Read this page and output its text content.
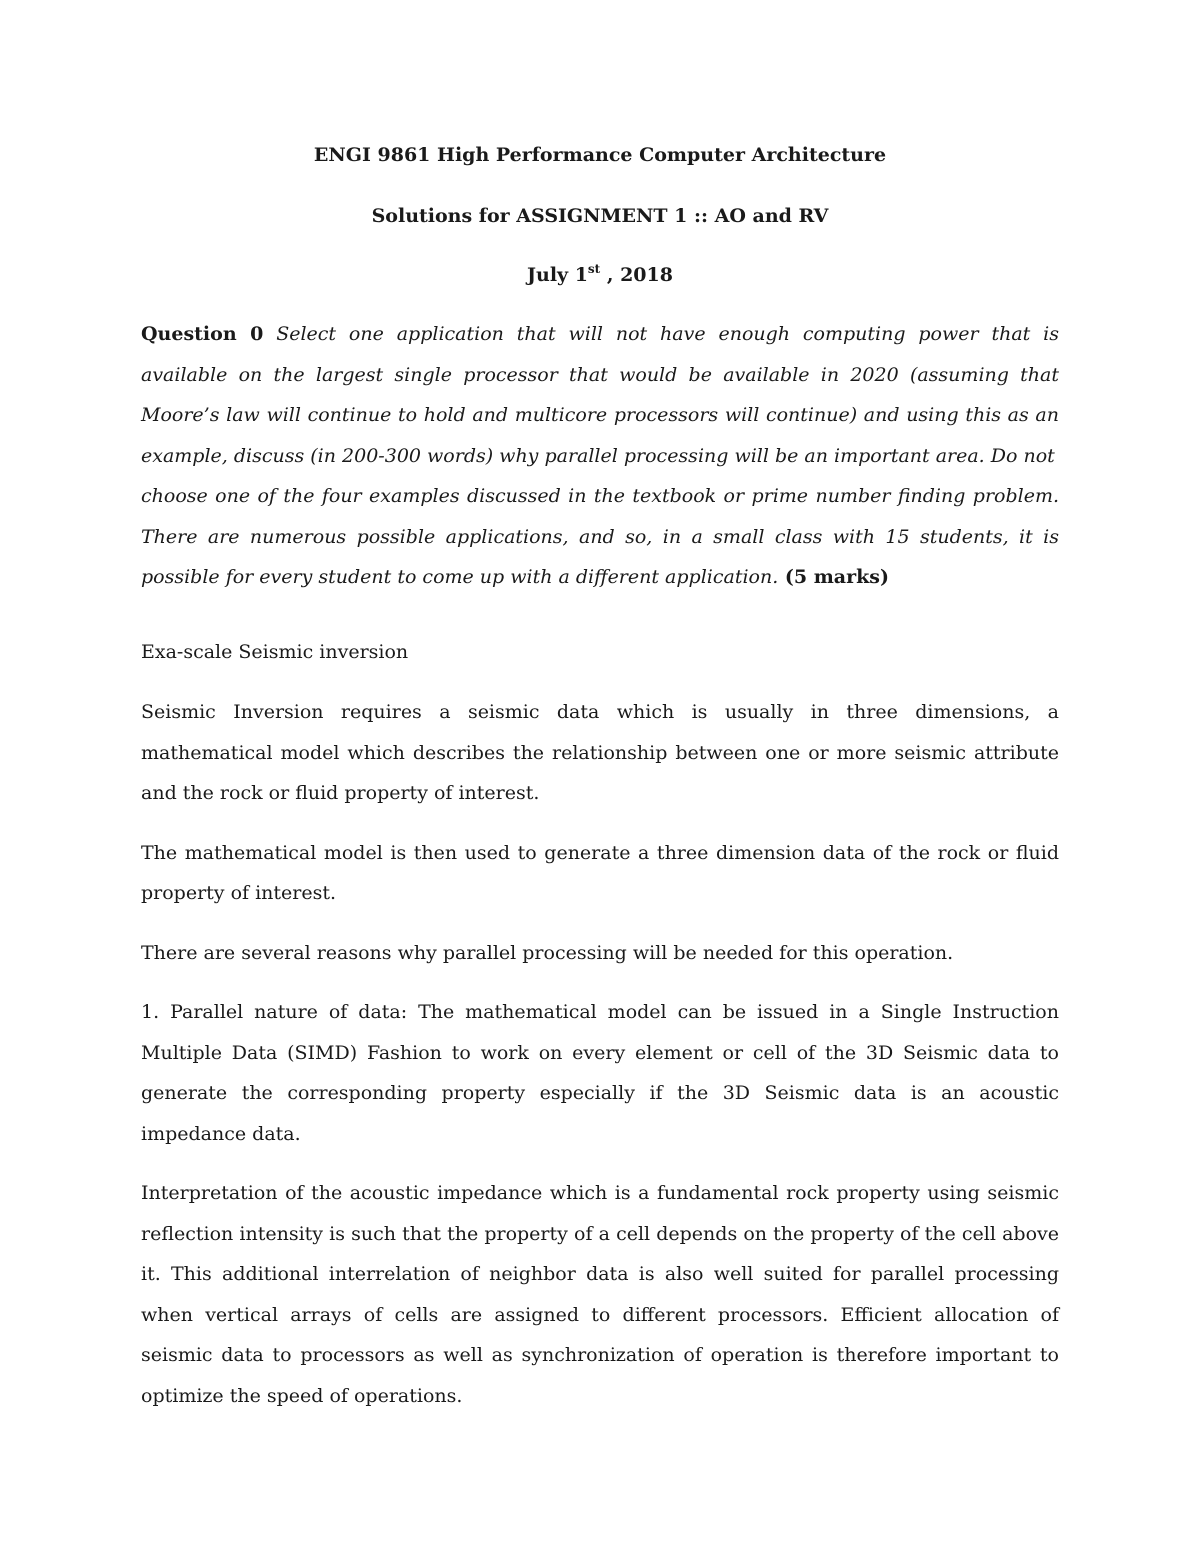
ENGI 9861 High Performance Computer Architecture

Solutions for ASSIGNMENT 1 :: AO and RV

July 1st , 2018

Question 0 Select one application that will not have enough computing power that is available on the largest single processor that would be available in 2020 (assuming that Moore’s law will continue to hold and multicore processors will continue) and using this as an example, discuss (in 200-300 words) why parallel processing will be an important area. Do not
choose one of the four examples discussed in the textbook or prime number finding problem. There are numerous possible applications, and so, in a small class with 15 students, it is possible for every student to come up with a different application. (5 marks)

Exa-scale Seismic inversion

Seismic Inversion requires a seismic data which is usually in three dimensions, a mathematical model which describes the relationship between one or more seismic attribute and the rock or fluid property of interest.

The mathematical model is then used to generate a three dimension data of the rock or fluid property of interest.

There are several reasons why parallel processing will be needed for this operation.

1. Parallel nature of data: The mathematical model can be issued in a Single Instruction Multiple Data (SIMD) Fashion to work on every element or cell of the 3D Seismic data to generate the corresponding property especially if the 3D Seismic data is an acoustic impedance data.

Interpretation of the acoustic impedance which is a fundamental rock property using seismic reflection intensity is such that the property of a cell depends on the property of the cell above it. This additional interrelation of neighbor data is also well suited for parallel processing when vertical arrays of cells are assigned to different processors. Efficient allocation of seismic data to processors as well as synchronization of operation is therefore important to optimize the speed of operations.
